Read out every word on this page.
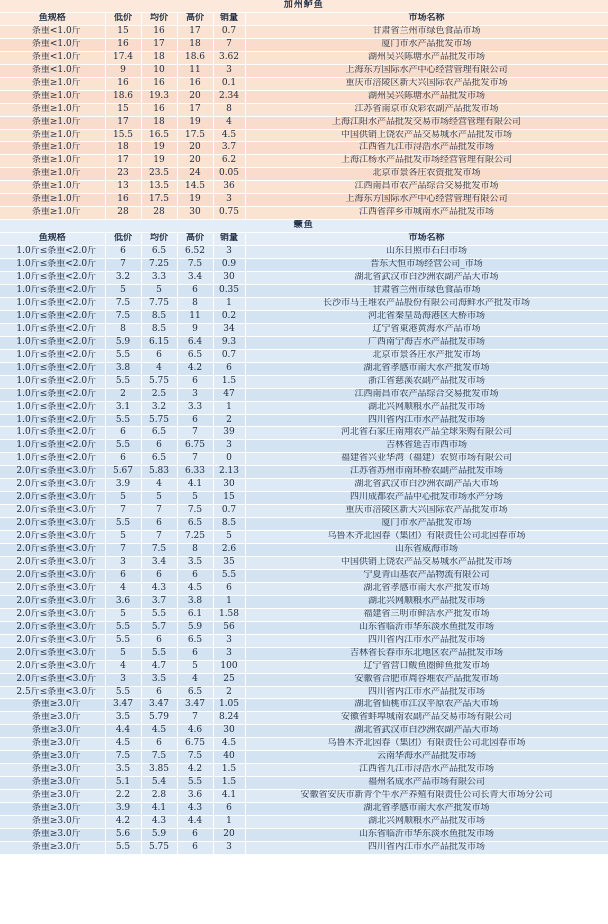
加州鲈鱼					
鱼规格	低价	均价	高价	销量	市场名称
条重<1.0斤	15	16	17	0.7	甘肃省兰州市绿色食品市场
条重<1.0斤	16	17	18	7	厦门市水产品批发市场
条重<1.0斤	17.4	18	18.6	3.62	湖州吴兴陈塘水产品批发市场
条重<1.0斤	9	10	11	3	上海东方国际水产中心经营管理有限公司
条重≥1.0斤	16	16	16	0.1	重庆市涪陵区新大兴国际农产品批发市场
条重≥1.0斤	18.6	19.3	20	2.34	湖州吴兴陈塘水产品批发市场
条重≥1.0斤	15	16	17	8	江苏省南京市众彩农副产品批发市场
条重≥1.0斤	17	18	19	4	上海江阳水产品批发交易市场经营管理有限公司
条重≥1.0斤	15.5	16.5	17.5	4.5	中国供销上饶农产品交易城水产品批发市场
条重≥1.0斤	18	19	20	3.7	江西省九江市浔浩水产品批发市场
条重≥1.0斤	17	19	20	6.2	上海江杨水产品批发市场经营管理有限公司
条重≥1.0斤	23	23.5	24	0.05	北京市景各庄农资批发市场
条重≥1.0斤	13	13.5	14.5	36	江西南昌市农产品综合交易批发市场
条重≥1.0斤	16	17.5	19	3	上海东方国际水产中心经营管理有限公司
条重≥1.0斤	28	28	30	0.75	江西省萍乡市城南水产品批发市场
鳜鱼					
鱼规格	低价	均价	高价	销量	市场名称
1.0斤≤条重<2.0斤	6	6.5	6.52	3	山东日照市石臼市场
1.0斤≤条重<2.0斤	7	7.25	7.5	0.9	晋东大恒市场经营公司_市场
1.0斤≤条重<2.0斤	3.2	3.3	3.4	30	湖北省武汉市白沙洲农副产品大市场
1.0斤≤条重<2.0斤	5	5	6	0.35	甘肃省兰州市绿色食品市场
1.0斤≤条重<2.0斤	7.5	7.75	8	1	长沙市马王堆农产品股份有限公司海鲜水产批发市场
1.0斤≤条重<2.0斤	7.5	8.5	11	0.2	河北省秦皇岛海港区大桥市场
1.0斤≤条重<2.0斤	8	8.5	9	34	辽宁省東港黄海水产品市场
1.0斤≤条重<2.0斤	5.9	6.15	6.4	9.3	广西南宁海吉水产品批发市场
1.0斤≤条重<2.0斤	5.5	6	6.5	0.7	北京市景各庄水产批发市场
1.0斤≤条重<2.0斤	3.8	4	4.2	6	湖北省孝感市南大水产批发市场
1.0斤≤条重<2.0斤	5.5	5.75	6	1.5	浙江省慈溪农副产品批发市场
1.0斤≤条重<2.0斤	2	2.5	3	47	江西南昌市农产品综合交易批发市场
1.0斤≤条重<2.0斤	3.1	3.2	3.3	1	湖北兴网顺粮水产品批发市场
1.0斤≤条重<2.0斤	5.5	5.75	6	2	四川省内江市水产品批发市场
1.0斤≤条重<2.0斤	6	6.5	7	39	河北省石家庄南翔农产品全球采购有限公司
1.0斤≤条重<2.0斤	5.5	6	6.75	3	吉林省延吉市西市场
1.0斤≤条重<2.0斤	6	6.5	7	0	福建省兴业华湾（福建）农贸市场有限公司
2.0斤≤条重<3.0斤	5.67	5.83	6.33	2.13	江苏省苏州市南环桥农副产品批发市场
2.0斤≤条重<3.0斤	3.9	4	4.1	30	湖北省武汉市白沙洲农副产品大市场
2.0斤≤条重<3.0斤	5	5	5	15	四川成都农产品中心批发市场水产分场
2.0斤≤条重<3.0斤	7	7	7.5	0.7	重庆市涪陵区新大兴国际农产品批发市场
2.0斤≤条重<3.0斤	5.5	6	6.5	8.5	厦门市水产品批发市场
2.0斤≤条重<3.0斤	5	7	7.25	5	乌鲁木齐北园春（集团）有限责任公司北园春市场
2.0斤≤条重<3.0斤	7	7.5	8	2.6	山东省威海市场
2.0斤≤条重<3.0斤	3	3.4	3.5	35	中国供销上饶农产品交易城水产品批发市场
2.0斤≤条重<3.0斤	6	6	6	5.5	宁夏青山基农产品物流有限公司
2.0斤≤条重<3.0斤	4	4.3	4.5	6	湖北省孝感市南大水产批发市场
2.0斤≤条重<3.0斤	3.6	3.7	3.8	1	湖北兴网顺粮水产品批发市场
2.0斤≤条重<3.0斤	5	5.5	6.1	1.58	福建省三明市鲜活水产批发市场
2.0斤≤条重<3.0斤	5.5	5.7	5.9	56	山东省临沂市华东淡水鱼批发市场
2.0斤≤条重<3.0斤	5.5	6	6.5	3	四川省内江市水产品批发市场
2.0斤≤条重<3.0斤	5	5.5	6	3	吉林省长春市东北地区农产品批发市场
2.0斤≤条重<3.0斤	4	4.7	5	100	辽宁省营口鲅鱼圈鲜鱼批发市场
2.0斤≤条重<3.0斤	3	3.5	4	25	安徽省合肥市周谷堆农产品批发市场
2.5斤≤条重<3.0斤	5.5	6	6.5	2	四川省内江市水产品批发市场
条重≥3.0斤	3.47	3.47	3.47	1.05	湖北省仙桃市江汉平原农产品大市场
条重≥3.0斤	3.5	5.79	7	8.24	安徽省蚌埠城南农副产品交易市场有限公司
条重≥3.0斤	4.4	4.5	4.6	30	湖北省武汉市白沙洲农副产品大市场
条重≥3.0斤	4.5	6	6.75	4.5	乌鲁木齐北园春（集团）有限责任公司北园春市场
条重≥3.0斤	7.5	7.5	7.5	40	云南华海水产品批发市场
条重≥3.0斤	3.5	3.85	4.2	1.5	江西省九江市浔浩水产品批发市场
条重≥3.0斤	5.1	5.4	5.5	1.5	福州名成水产品市场有限公司
条重≥3.0斤	2.2	2.8	3.6	4.1	安徽省安庆市新青个牛水产养殖有限责任公司长青大市场分公司
条重≥3.0斤	3.9	4.1	4.3	6	湖北省孝感市南大水产批发市场
条重≥3.0斤	4.2	4.3	4.4	1	湖北兴网顺粮水产品批发市场
条重≥3.0斤	5.6	5.9	6	20	山东省临沂市华东淡水鱼批发市场
条重≥3.0斤	5.5	5.75	6	3	四川省内江市水产品批发市场
